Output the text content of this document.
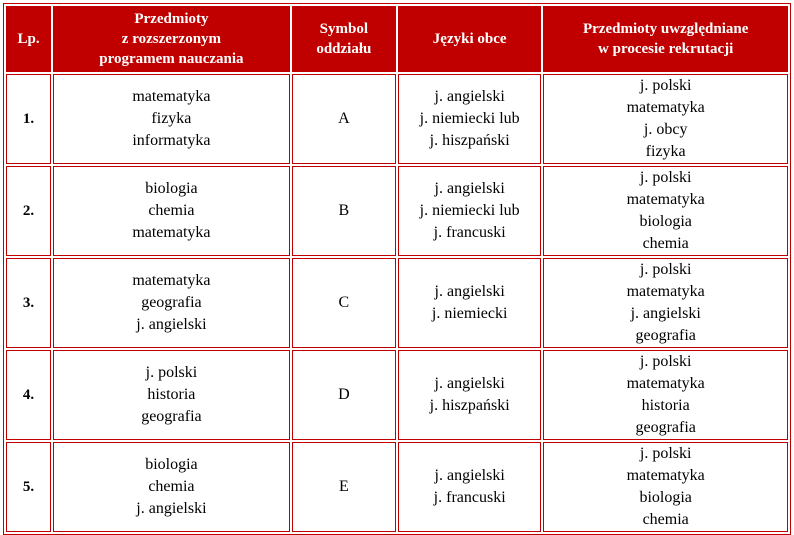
Lp.	Przedmioty
z rozszerzonym
programem nauczania	Symbol
oddziału	Języki obce	Przedmioty uwzględniane
w procesie rekrutacji

1.	matematyka
fizyka
informatyka	A	j. angielski
j. niemiecki lub
j. hiszpański	j. polski
matematyka
j. obcy
fizyka

2.	biologia
chemia
matematyka	B	j. angielski
j. niemiecki lub
j. francuski	j. polski
matematyka
biologia
chemia

3.	matematyka
geografia
j. angielski	C	j. angielski
j. niemiecki	j. polski
matematyka
j. angielski
geografia

4.	j. polski
historia
geografia	D	j. angielski
j. hiszpański	j. polski
matematyka
historia
geografia

5.	biologia
chemia
j. angielski	E	j. angielski
j. francuski	j. polski
matematyka
biologia
chemia
